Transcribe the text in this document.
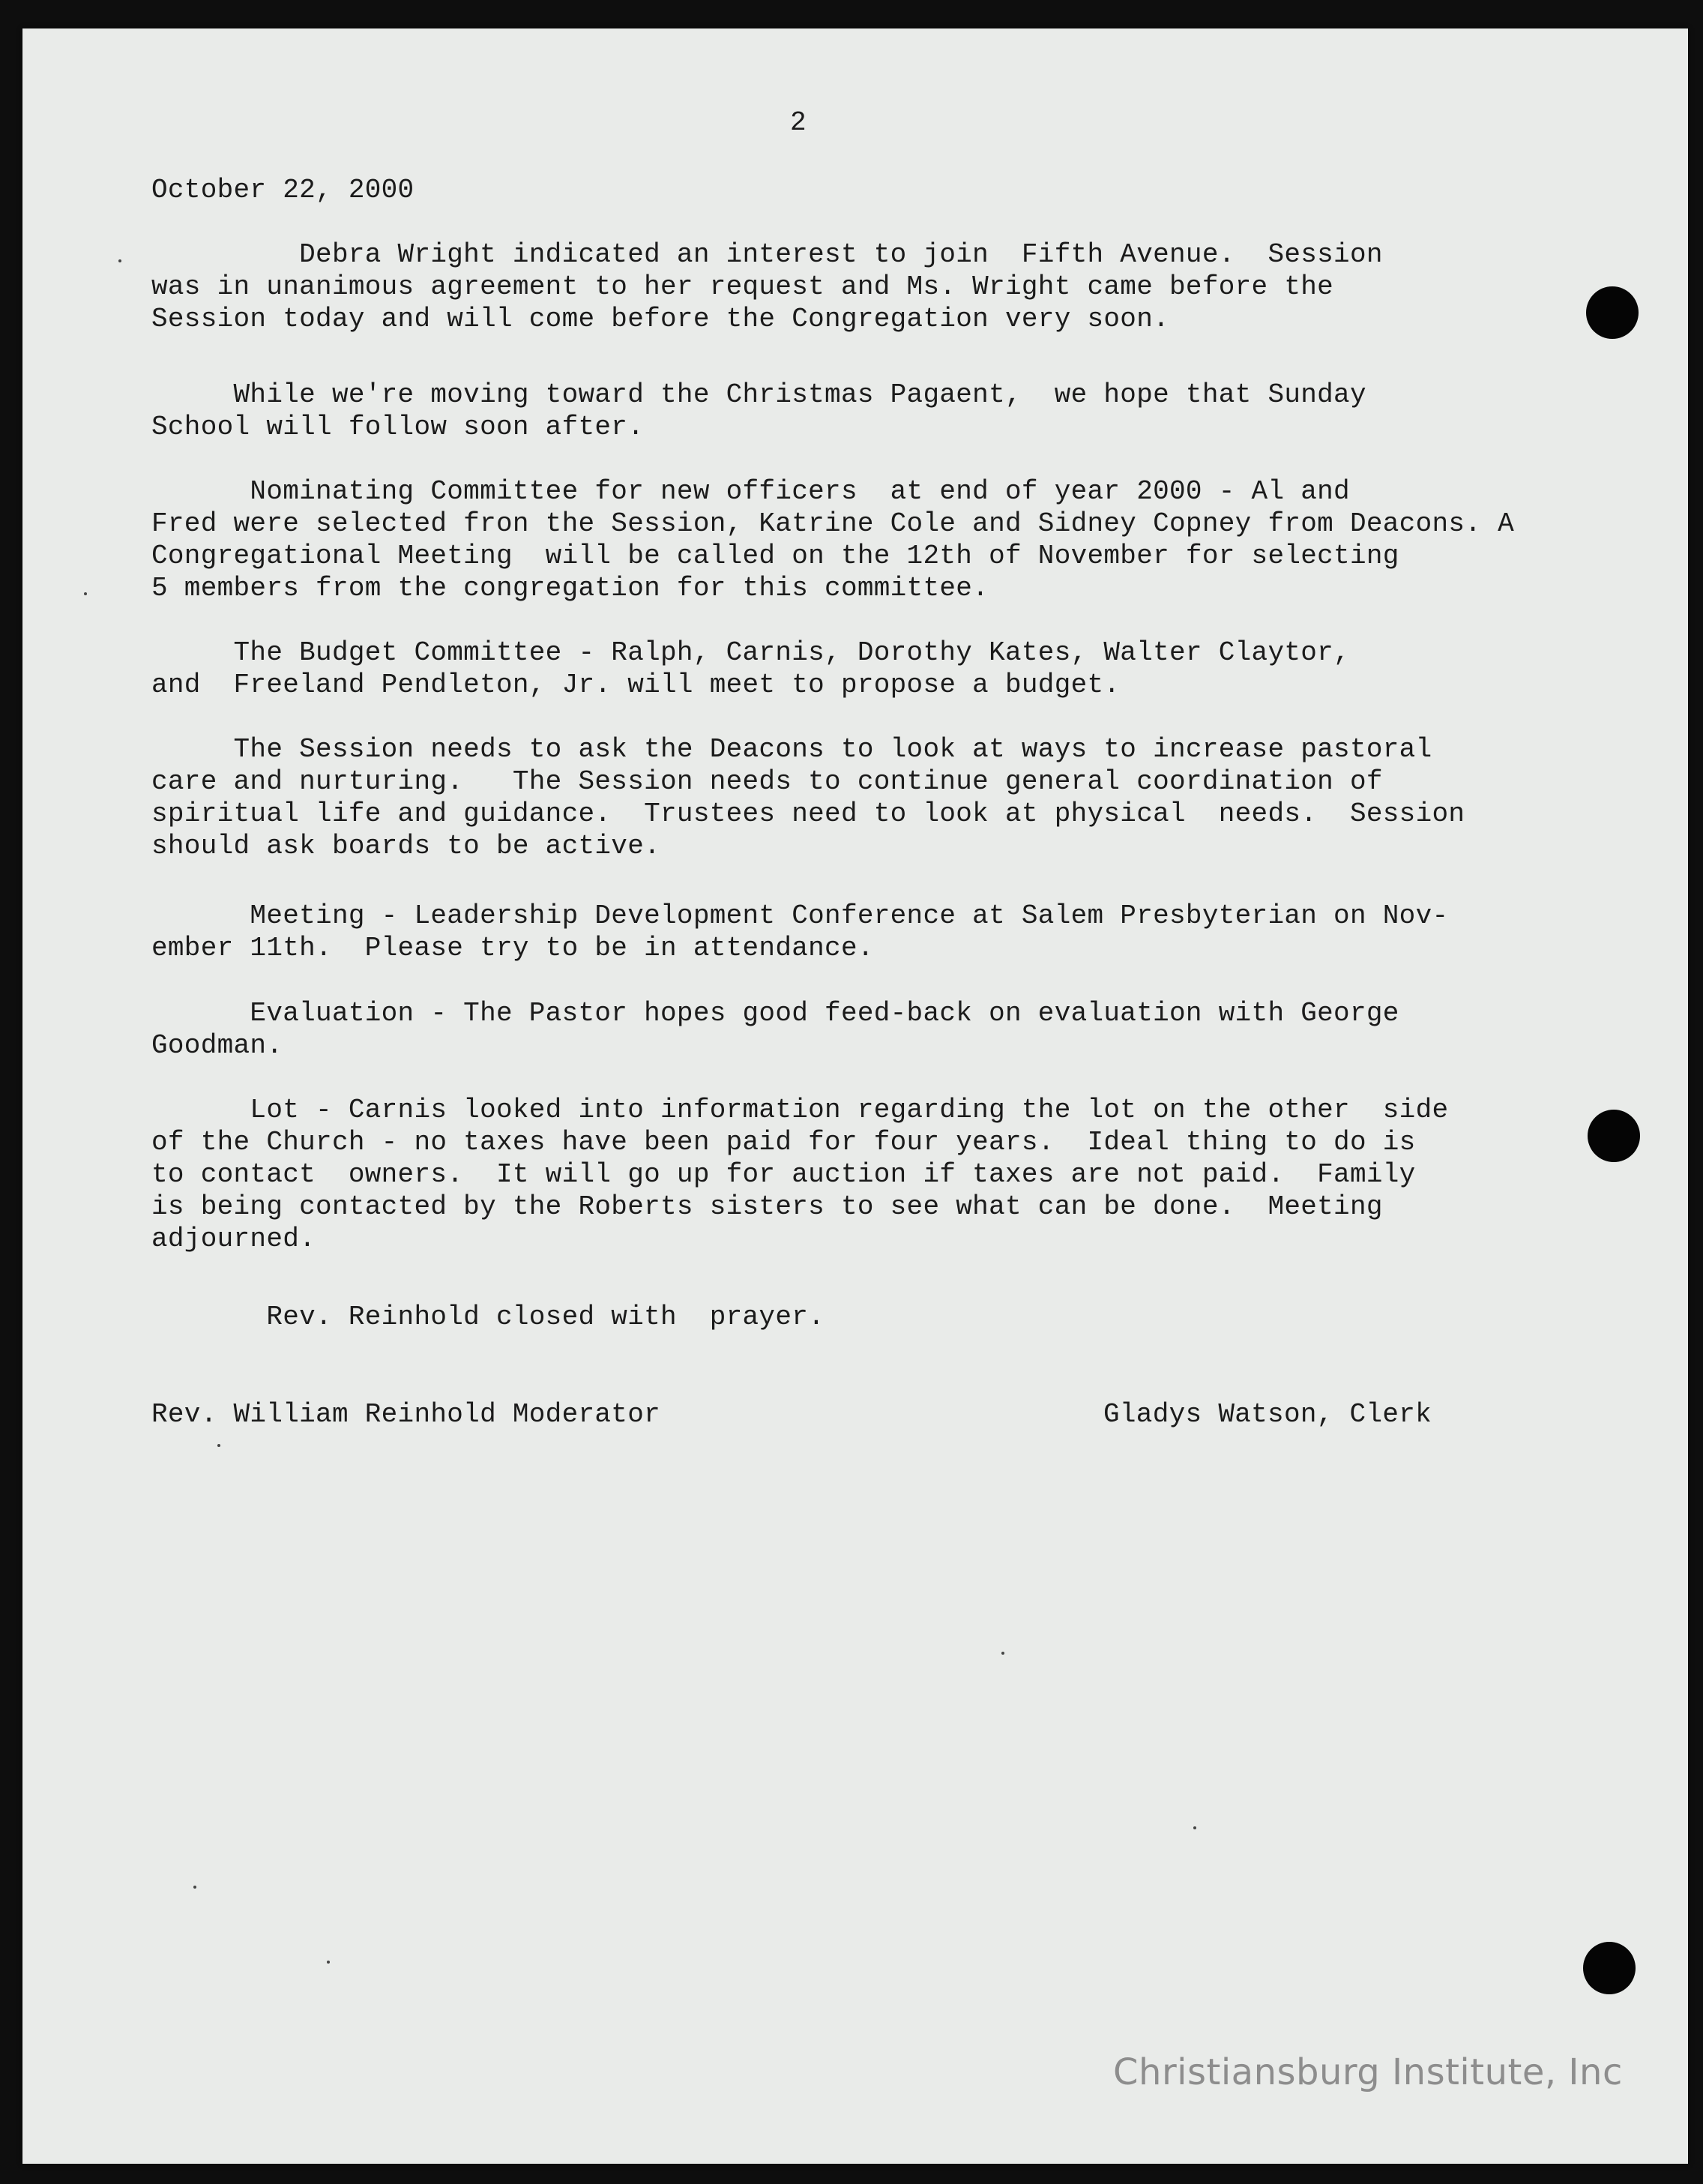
2
October 22, 2000
Debra Wright indicated an interest to join  Fifth Avenue.  Session
was in unanimous agreement to her request and Ms. Wright came before the
Session today and will come before the Congregation very soon.
While we're moving toward the Christmas Pagaent,  we hope that Sunday
School will follow soon after.
Nominating Committee for new officers  at end of year 2000 - Al and
Fred were selected fron the Session, Katrine Cole and Sidney Copney from Deacons. A
Congregational Meeting  will be called on the 12th of November for selecting
5 members from the congregation for this committee.
The Budget Committee - Ralph, Carnis, Dorothy Kates, Walter Claytor,
and  Freeland Pendleton, Jr. will meet to propose a budget.
The Session needs to ask the Deacons to look at ways to increase pastoral
care and nurturing.   The Session needs to continue general coordination of
spiritual life and guidance.  Trustees need to look at physical  needs.  Session
should ask boards to be active.
Meeting - Leadership Development Conference at Salem Presbyterian on Nov-
ember 11th.  Please try to be in attendance.
Evaluation - The Pastor hopes good feed-back on evaluation with George
Goodman.
Lot - Carnis looked into information regarding the lot on the other  side
of the Church - no taxes have been paid for four years.  Ideal thing to do is
to contact  owners.  It will go up for auction if taxes are not paid.  Family
is being contacted by the Roberts sisters to see what can be done.  Meeting
adjourned.
Rev. Reinhold closed with  prayer.
Rev. William Reinhold Moderator	Gladys Watson, Clerk
Christiansburg Institute, Inc
